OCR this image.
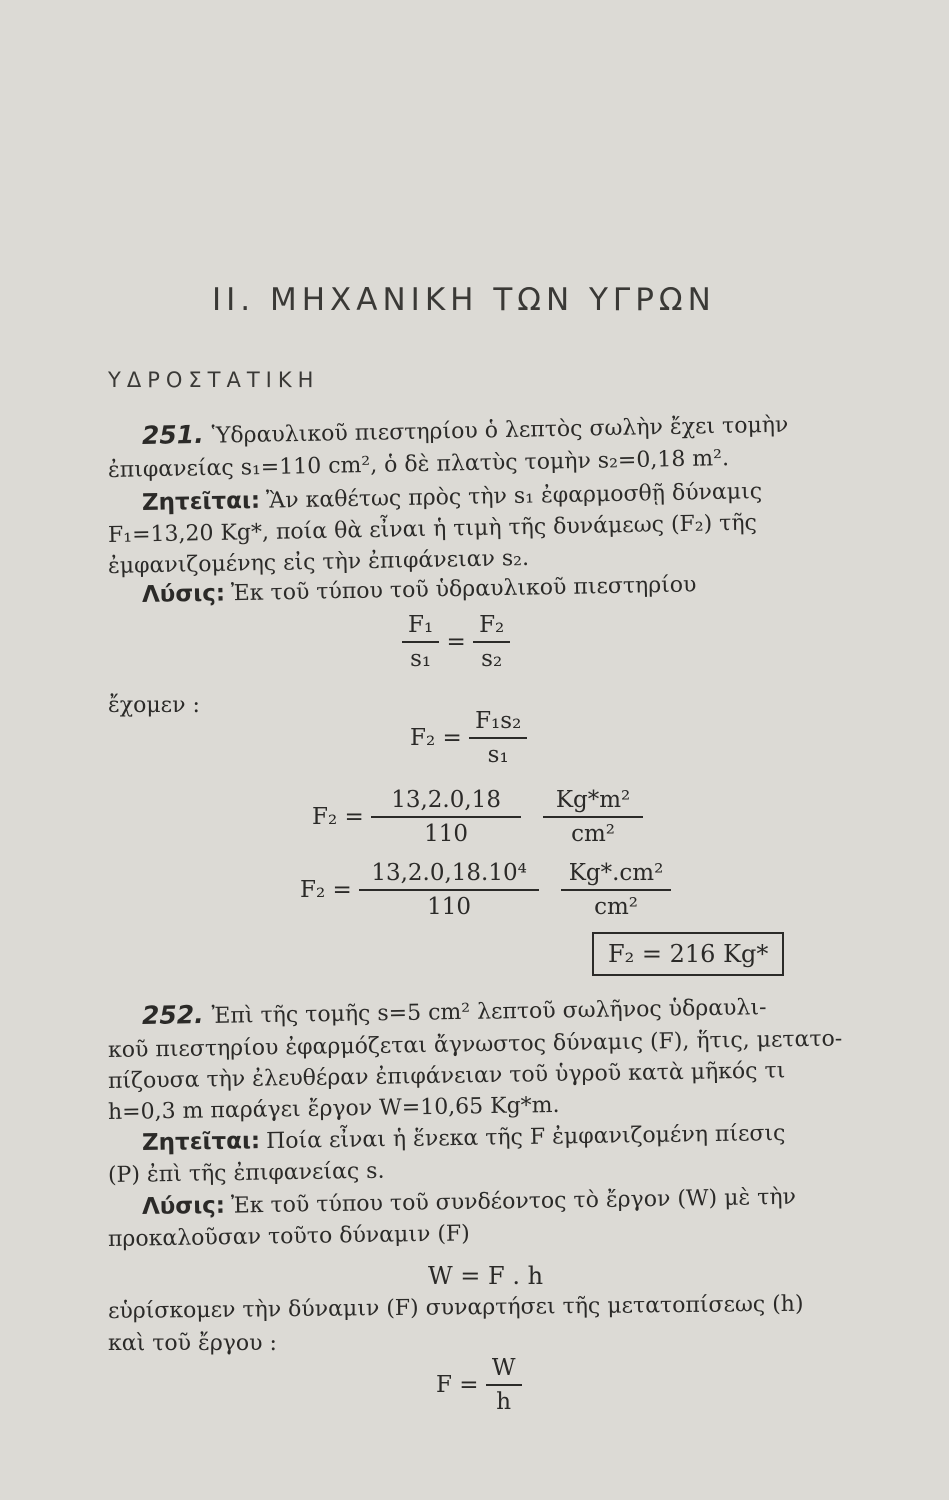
II. ΜΗΧΑΝΙΚΗ ΤΩΝ ΥΓΡΩΝ
ΥΔΡΟΣΤΑΤΙΚΗ
251. Ὑδραυλικοῦ πιεστηρίου ὁ λεπτὸς σωλὴν ἔχει τομὴν
ἐπιφανείας s₁=110 cm², ὁ δὲ πλατὺς τομὴν s₂=0,18 m².
Ζητεῖται: Ἂν καθέτως πρὸς τὴν s₁ ἐφαρμοσθῇ δύναμις
F₁=13,20 Kg*, ποία θὰ εἶναι ἡ τιμὴ τῆς δυνάμεως (F₂) τῆς
ἐμφανιζομένης εἰς τὴν ἐπιφάνειαν s₂.
Λύσις: Ἐκ τοῦ τύπου τοῦ ὑδραυλικοῦ πιεστηρίου
$\frac{\text{F₁}}{\text{s₁}} = \frac{\text{F₂}}{\text{s₂}}$
ἔχομεν :
$F_2 = \frac{\text{F₁s₂}}{\text{s₁}}$
$F_2 = \frac{13,2.0,18}{110}$
$\frac{\text{Kg*m²}}{\text{cm²}}$
$F_2 = \frac{\text{13,2.0,18.10⁴}}{110}$
$\frac{\text{Kg*.cm²}}{\text{cm²}}$
F₂ = 216 Kg*
252. Ἐπὶ τῆς τομῆς s=5 cm² λεπτοῦ σωλῆνος ὑδραυλι-
κοῦ πιεστηρίου ἐφαρμόζεται ἄγνωστος δύναμις (F), ἥτις, μετατο-
πίζουσα τὴν ἐλευθέραν ἐπιφάνειαν τοῦ ὑγροῦ κατὰ μῆκός τι
h=0,3 m παράγει ἔργον W=10,65 Kg*m.
Ζητεῖται: Ποία εἶναι ἡ ἕνεκα τῆς F ἐμφανιζομένη πίεσις
(P) ἐπὶ τῆς ἐπιφανείας s.
Λύσις: Ἐκ τοῦ τύπου τοῦ συνδέοντος τὸ ἔργον (W) μὲ τὴν
προκαλοῦσαν τοῦτο δύναμιν (F)
W = F . h
εὑρίσκομεν τὴν δύναμιν (F) συναρτήσει τῆς μετατοπίσεως (h)
καὶ τοῦ ἔργου :
$F = \frac{W}{h}$
